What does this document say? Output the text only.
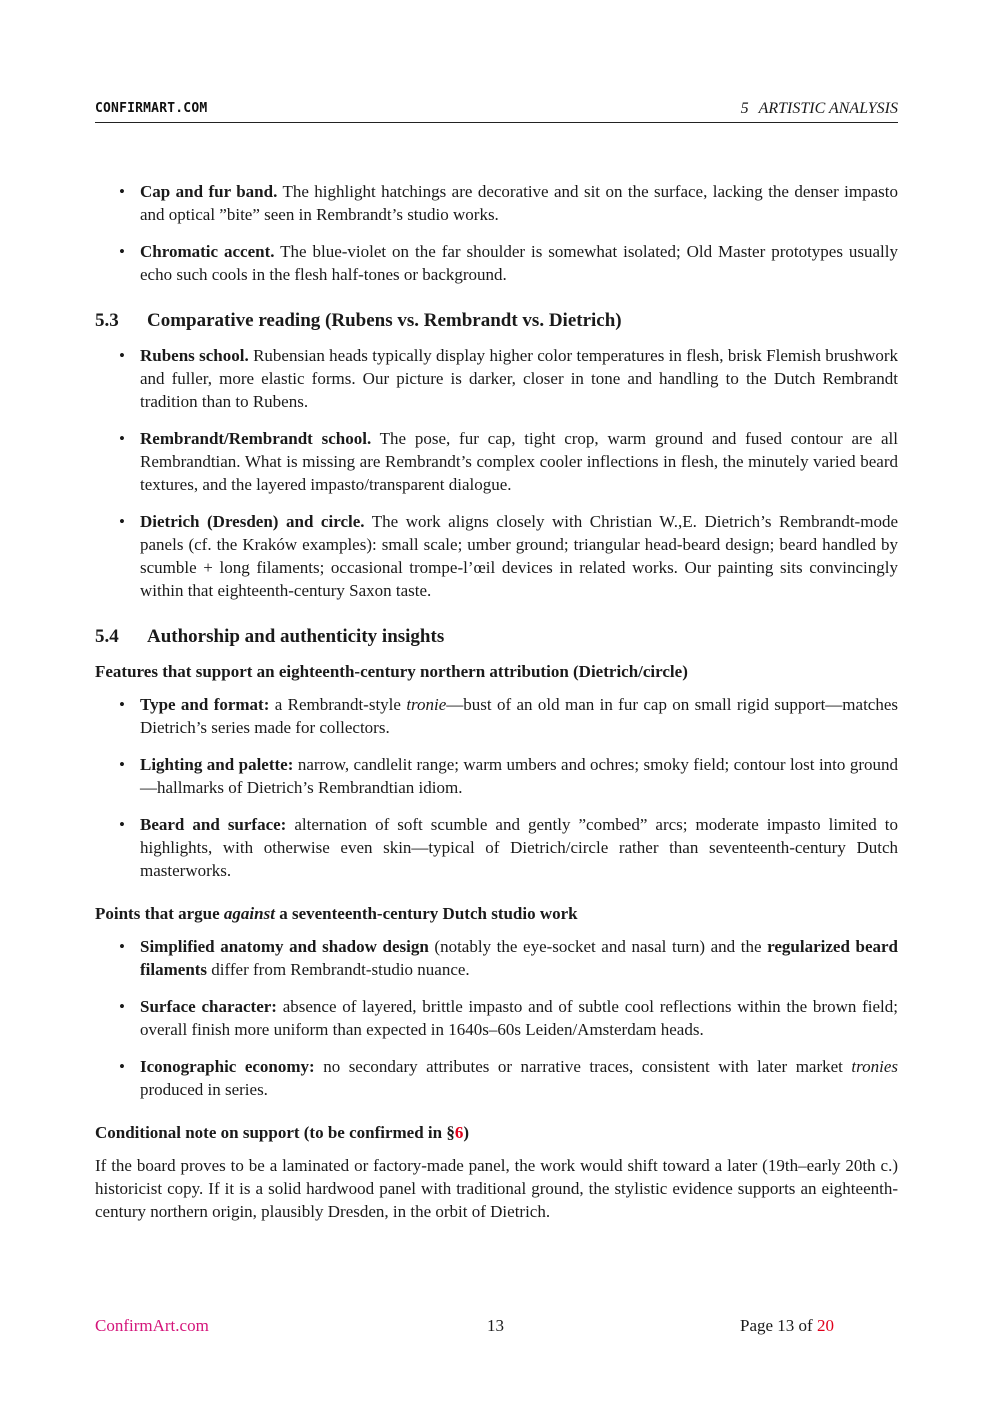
CONFIRMART.COM	5 ARTISTIC ANALYSIS
• Cap and fur band. The highlight hatchings are decorative and sit on the surface, lacking the denser impasto and optical ”bite” seen in Rembrandt’s studio works.
• Chromatic accent. The blue-violet on the far shoulder is somewhat isolated; Old Master prototypes usually echo such cools in the flesh half-tones or background.
5.3 Comparative reading (Rubens vs. Rembrandt vs. Dietrich)
• Rubens school. Rubensian heads typically display higher color temperatures in flesh, brisk Flemish brushwork and fuller, more elastic forms. Our picture is darker, closer in tone and handling to the Dutch Rembrandt tradition than to Rubens.
• Rembrandt/Rembrandt school. The pose, fur cap, tight crop, warm ground and fused contour are all Rembrandtian. What is missing are Rembrandt’s complex cooler inflections in flesh, the minutely varied beard textures, and the layered impasto/transparent dialogue.
• Dietrich (Dresden) and circle. The work aligns closely with Christian W.,E. Dietrich’s Rembrandt-mode panels (cf. the Kraków examples): small scale; umber ground; triangular head-beard design; beard handled by scumble + long filaments; occasional trompe-l’œil devices in related works. Our painting sits convincingly within that eighteenth-century Saxon taste.
5.4 Authorship and authenticity insights
Features that support an eighteenth-century northern attribution (Dietrich/circle)
• Type and format: a Rembrandt-style tronie—bust of an old man in fur cap on small rigid support—matches Dietrich’s series made for collectors.
• Lighting and palette: narrow, candlelit range; warm umbers and ochres; smoky field; contour lost into ground—hallmarks of Dietrich’s Rembrandtian idiom.
• Beard and surface: alternation of soft scumble and gently ”combed” arcs; moderate impasto limited to highlights, with otherwise even skin—typical of Dietrich/circle rather than seventeenth-century Dutch masterworks.
Points that argue against a seventeenth-century Dutch studio work
• Simplified anatomy and shadow design (notably the eye-socket and nasal turn) and the regularized beard filaments differ from Rembrandt-studio nuance.
• Surface character: absence of layered, brittle impasto and of subtle cool reflections within the brown field; overall finish more uniform than expected in 1640s–60s Leiden/Amsterdam heads.
• Iconographic economy: no secondary attributes or narrative traces, consistent with later market tronies produced in series.
Conditional note on support (to be confirmed in §6)

If the board proves to be a laminated or factory-made panel, the work would shift toward a later (19th–early 20th c.) historicist copy. If it is a solid hardwood panel with traditional ground, the stylistic evidence supports an eighteenth-century northern origin, plausibly Dresden, in the orbit of Dietrich.

ConfirmArt.com	13	Page 13 of 20
